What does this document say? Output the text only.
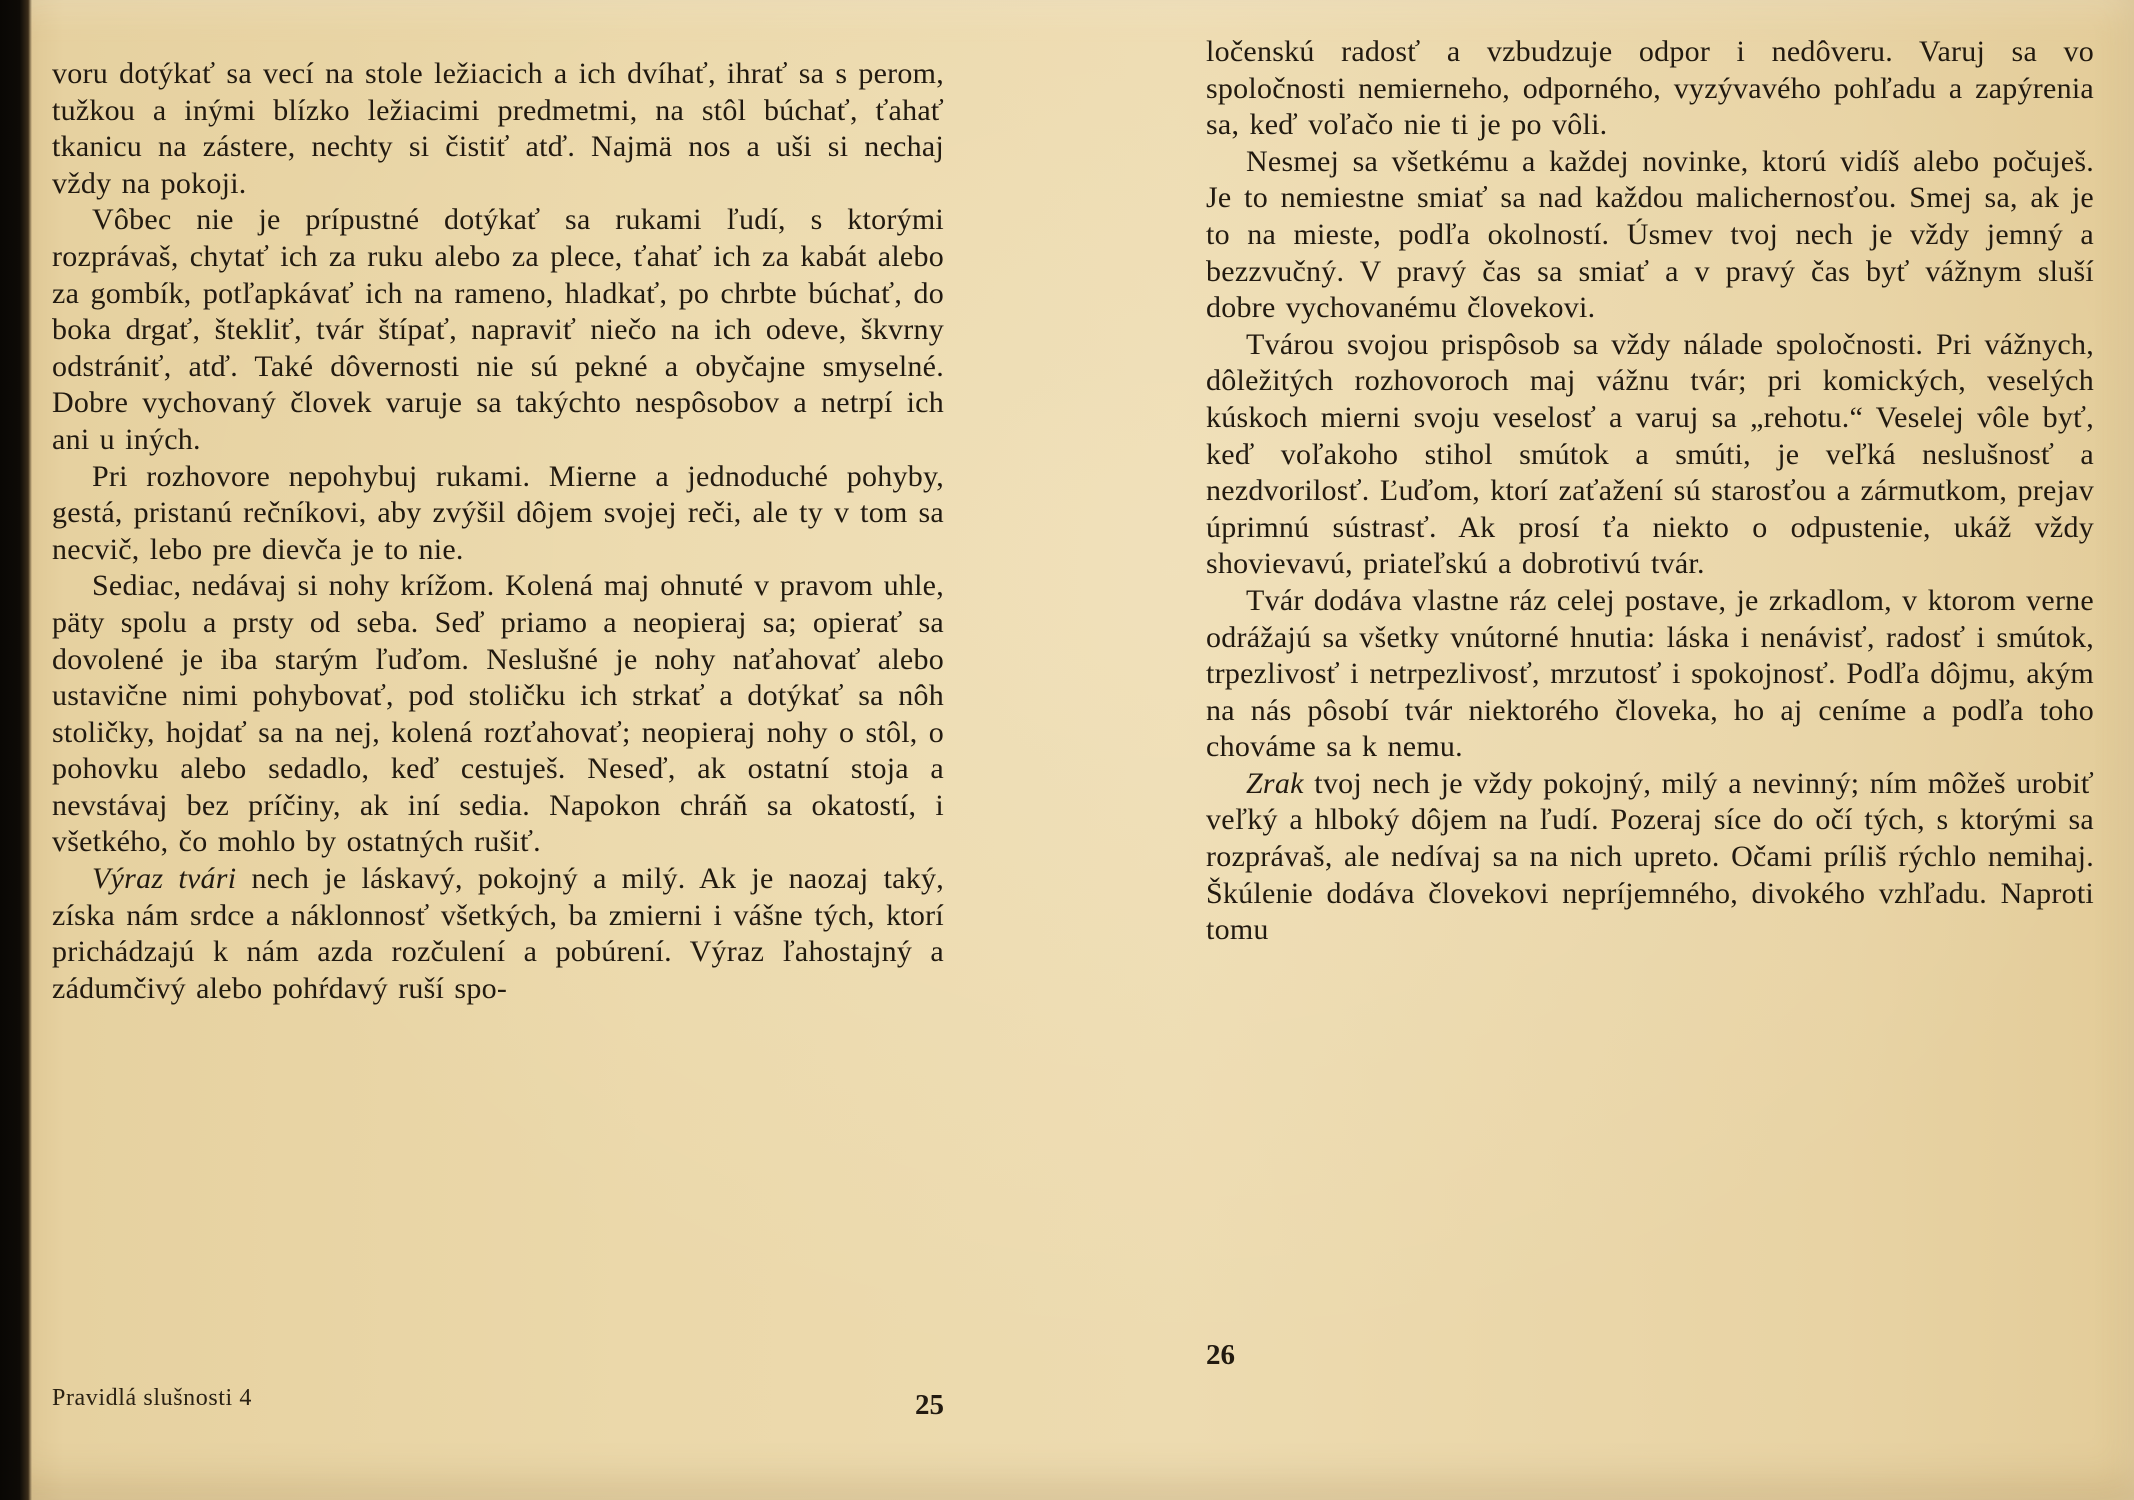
voru dotýkať sa vecí na stole ležiacich a ich dvíhať, ihrať sa s perom, tužkou a inými blízko ležiacimi predmetmi, na stôl búchať, ťahať tkanicu na zástere, nechty si čistiť atď. Najmä nos a uši si nechaj vždy na pokoji.

Vôbec nie je prípustné dotýkať sa rukami ľudí, s ktorými rozprávaš, chytať ich za ruku alebo za plece, ťahať ich za kabát alebo za gombík, potľapkávať ich na rameno, hladkať, po chrbte búchať, do boka drgať, štekliť, tvár štípať, napraviť niečo na ich odeve, škvrny odstrániť, atď. Také dôvernosti nie sú pekné a obyčajne smyselné. Dobre vychovaný človek varuje sa takýchto nespôsobov a netrpí ich ani u iných.

Pri rozhovore nepohybuj rukami. Mierne a jednoduché pohyby, gestá, pristanú rečníkovi, aby zvýšil dôjem svojej reči, ale ty v tom sa necvič, lebo pre dievča je to nie.

Sediac, nedávaj si nohy krížom. Kolená maj ohnuté v pravom uhle, päty spolu a prsty od seba. Seď priamo a neopieraj sa; opierať sa dovolené je iba starým ľuďom. Neslušné je nohy naťahovať alebo ustavične nimi pohybovať, pod stoličku ich strkať a dotýkať sa nôh stoličky, hojdať sa na nej, kolená rozťahovať; neopieraj nohy o stôl, o pohovku alebo sedadlo, keď cestuješ. Neseď, ak ostatní stoja a nevstávaj bez príčiny, ak iní sedia. Napokon chráň sa okatostí, i všetkého, čo mohlo by ostatných rušiť.

Výraz tvári nech je láskavý, pokojný a milý. Ak je naozaj taký, získa nám srdce a náklonnosť všetkých, ba zmierni i vášne tých, ktorí prichádzajú k nám azda rozčulení a pobúrení. Výraz ľahostajný a zádumčivý alebo pohŕdavý ruší spo-

Pravidlá slušnosti 4	25

ločenskú radosť a vzbudzuje odpor i nedôveru. Varuj sa vo spoločnosti nemierneho, odporného, vyzývavého pohľadu a zapýrenia sa, keď voľačo nie ti je po vôli.

Nesmej sa všetkému a každej novinke, ktorú vidíš alebo počuješ. Je to nemiestne smiať sa nad každou malichernosťou. Smej sa, ak je to na mieste, podľa okolností. Úsmev tvoj nech je vždy jemný a bezzvučný. V pravý čas sa smiať a v pravý čas byť vážnym sluší dobre vychovanému človekovi.

Tvárou svojou prispôsob sa vždy nálade spoločnosti. Pri vážnych, dôležitých rozhovoroch maj vážnu tvár; pri komických, veselých kúskoch mierni svoju veselosť a varuj sa „rehotu.“ Veselej vôle byť, keď voľakoho stihol smútok a smúti, je veľká neslušnosť a nezdvorilosť. Ľuďom, ktorí zaťažení sú starosťou a zármutkom, prejav úprimnú sústrasť. Ak prosí ťa niekto o odpustenie, ukáž vždy shovievavú, priateľskú a dobrotivú tvár.

Tvár dodáva vlastne ráz celej postave, je zrkadlom, v ktorom verne odrážajú sa všetky vnútorné hnutia: láska i nenávisť, radosť i smútok, trpezlivosť i netrpezlivosť, mrzutosť i spokojnosť. Podľa dôjmu, akým na nás pôsobí tvár niektorého človeka, ho aj ceníme a podľa toho chováme sa k nemu.

Zrak tvoj nech je vždy pokojný, milý a nevinný; ním môžeš urobiť veľký a hlboký dôjem na ľudí. Pozeraj síce do očí tých, s ktorými sa rozprávaš, ale nedívaj sa na nich upreto. Očami príliš rýchlo nemihaj. Škúlenie dodáva človekovi nepríjemného, divokého vzhľadu. Naproti tomu

26
